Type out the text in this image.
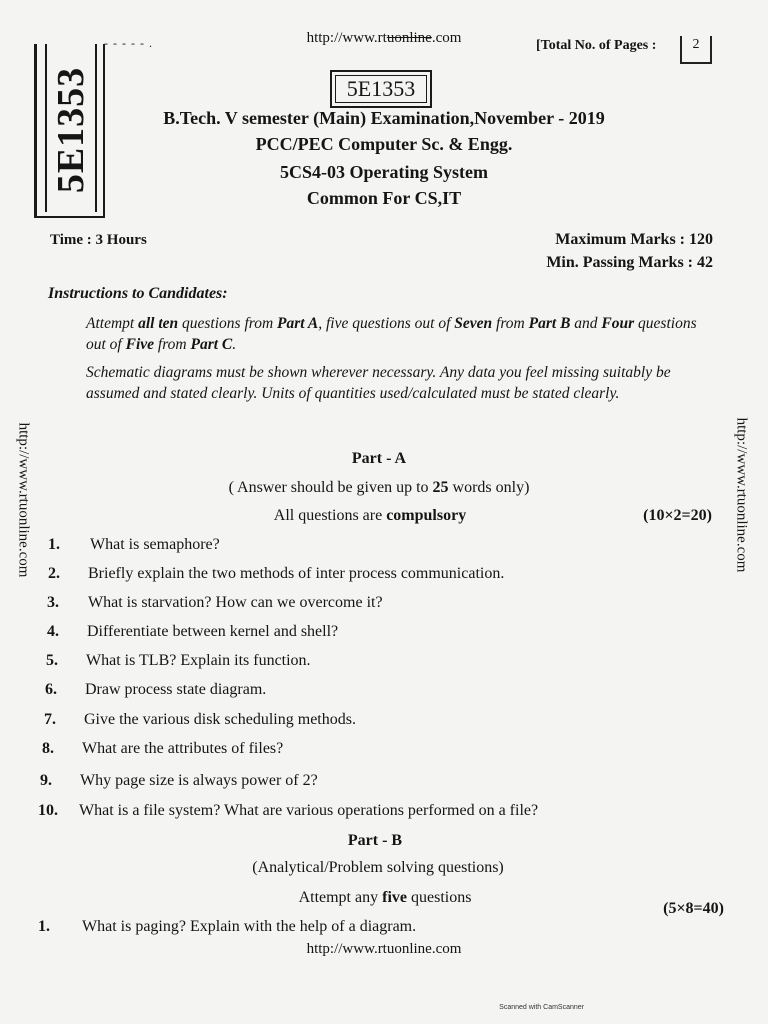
- - - - - .	http://www.rtuonline.com	[Total No. of Pages :	2
5E1353	5E1353
B.Tech. V semester (Main) Examination,November - 2019
PCC/PEC Computer Sc. & Engg.
5CS4-03 Operating System
Common For CS,IT
Time : 3 Hours	Maximum Marks : 120
Min. Passing Marks : 42
Instructions to Candidates:
Attempt all ten questions from Part A, five questions out of Seven from Part B and Four questions out of Five from Part C.
Schematic diagrams must be shown wherever necessary. Any data you feel missing suitably be assumed and stated clearly. Units of quantities used/calculated must be stated clearly.
Part - A
( Answer should be given up to 25 words only)
All questions are compulsory	(10×2=20)
1. What is semaphore?
2. Briefly explain the two methods of inter process communication.
3. What is starvation? How can we overcome it?
4. Differentiate between kernel and shell?
5. What is TLB? Explain its function.
6. Draw process state diagram.
7. Give the various disk scheduling methods.
8. What are the attributes of files?
9. Why page size is always power of 2?
10. What is a file system? What are various operations performed on a file?
Part - B
(Analytical/Problem solving questions)
Attempt any five questions
(5×8=40)
1. What is paging? Explain with the help of a diagram.
http://www.rtuonline.com
http://www.rtuonline.com	http://www.rtuonline.com
Scanned with CamScanner
